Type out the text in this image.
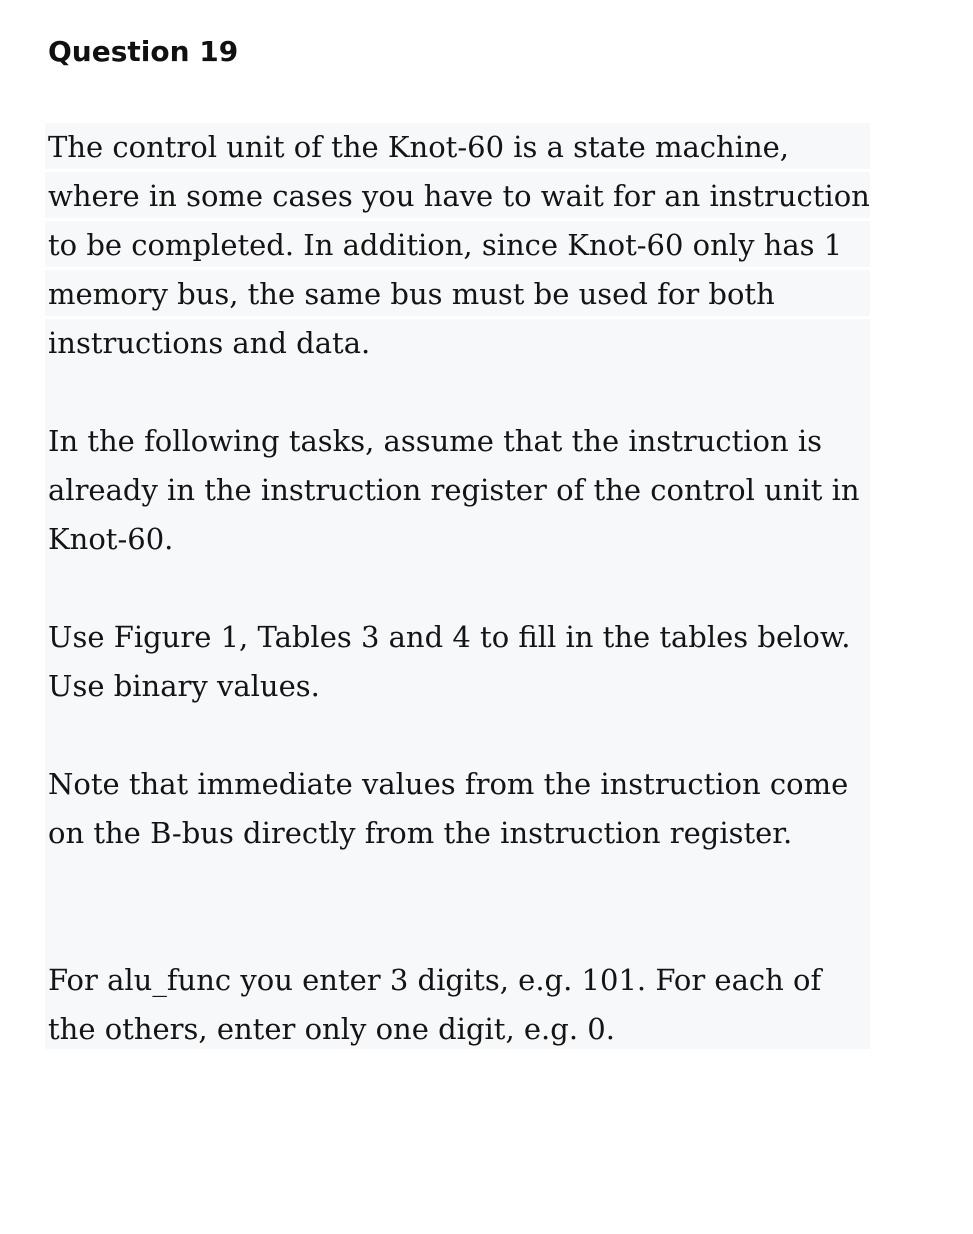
Question 19

The control unit of the Knot-60 is a state machine, where in some cases you have to wait for an instruction to be completed. In addition, since Knot-60 only has 1 memory bus, the same bus must be used for both instructions and data.

In the following tasks, assume that the instruction is already in the instruction register of the control unit in Knot-60.

Use Figure 1, Tables 3 and 4 to fill in the tables below. Use binary values.

Note that immediate values from the instruction come on the B-bus directly from the instruction register.

For alu_func you enter 3 digits, e.g. 101. For each of the others, enter only one digit, e.g. 0.
